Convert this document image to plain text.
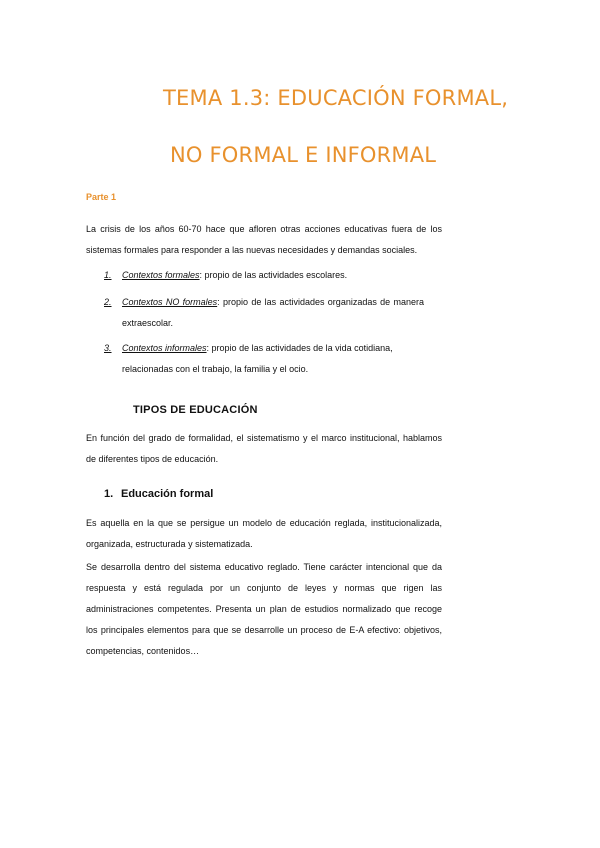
TEMA 1.3: EDUCACIÓN FORMAL,
NO FORMAL E INFORMAL
Parte 1

La crisis de los años 60-70 hace que afloren otras acciones educativas fuera de los sistemas formales para responder a las nuevas necesidades y demandas sociales.

1.	Contextos formales: propio de las actividades escolares.
2.	Contextos NO formales: propio de las actividades organizadas de manera extraescolar.
3.	Contextos informales: propio de las actividades de la vida cotidiana, relacionadas con el trabajo, la familia y el ocio.
TIPOS DE EDUCACIÓN

En función del grado de formalidad, el sistematismo y el marco institucional, hablamos de diferentes tipos de educación.

1. Educación formal

Es aquella en la que se persigue un modelo de educación reglada, institucionalizada, organizada, estructurada y sistematizada.

Se desarrolla dentro del sistema educativo reglado. Tiene carácter intencional que da respuesta y está regulada por un conjunto de leyes y normas que rigen las administraciones competentes. Presenta un plan de estudios normalizado que recoge los principales elementos para que se desarrolle un proceso de E-A efectivo: objetivos, competencias, contenidos…
